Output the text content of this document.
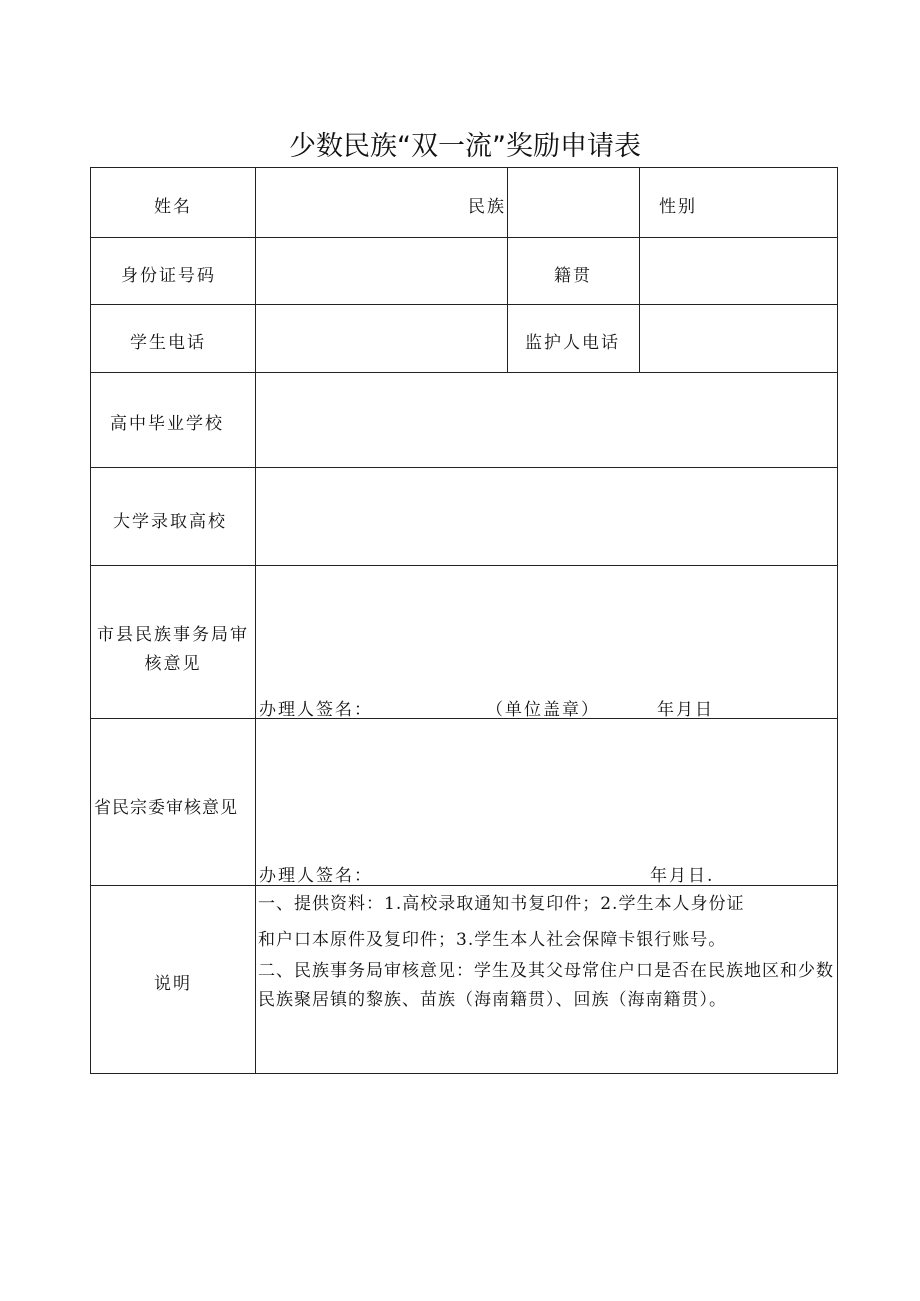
少数民族“双一流”奖励申请表
姓名	民族	性别
身份证号码	籍贯
学生电话	监护人电话
高中毕业学校
大学录取高校
市县民族事务局审核意见
办理人签名：	（单位盖章）	年月日
省民宗委审核意见
办理人签名：	年月日.
说明

一、提供资料：1.高校录取通知书复印件；2.学生本人身份证

和户口本原件及复印件；3.学生本人社会保障卡银行账号。

二、民族事务局审核意见：学生及其父母常住户口是否在民族地区和少数民族聚居镇的黎族、苗族（海南籍贯）、回族（海南籍贯）。
